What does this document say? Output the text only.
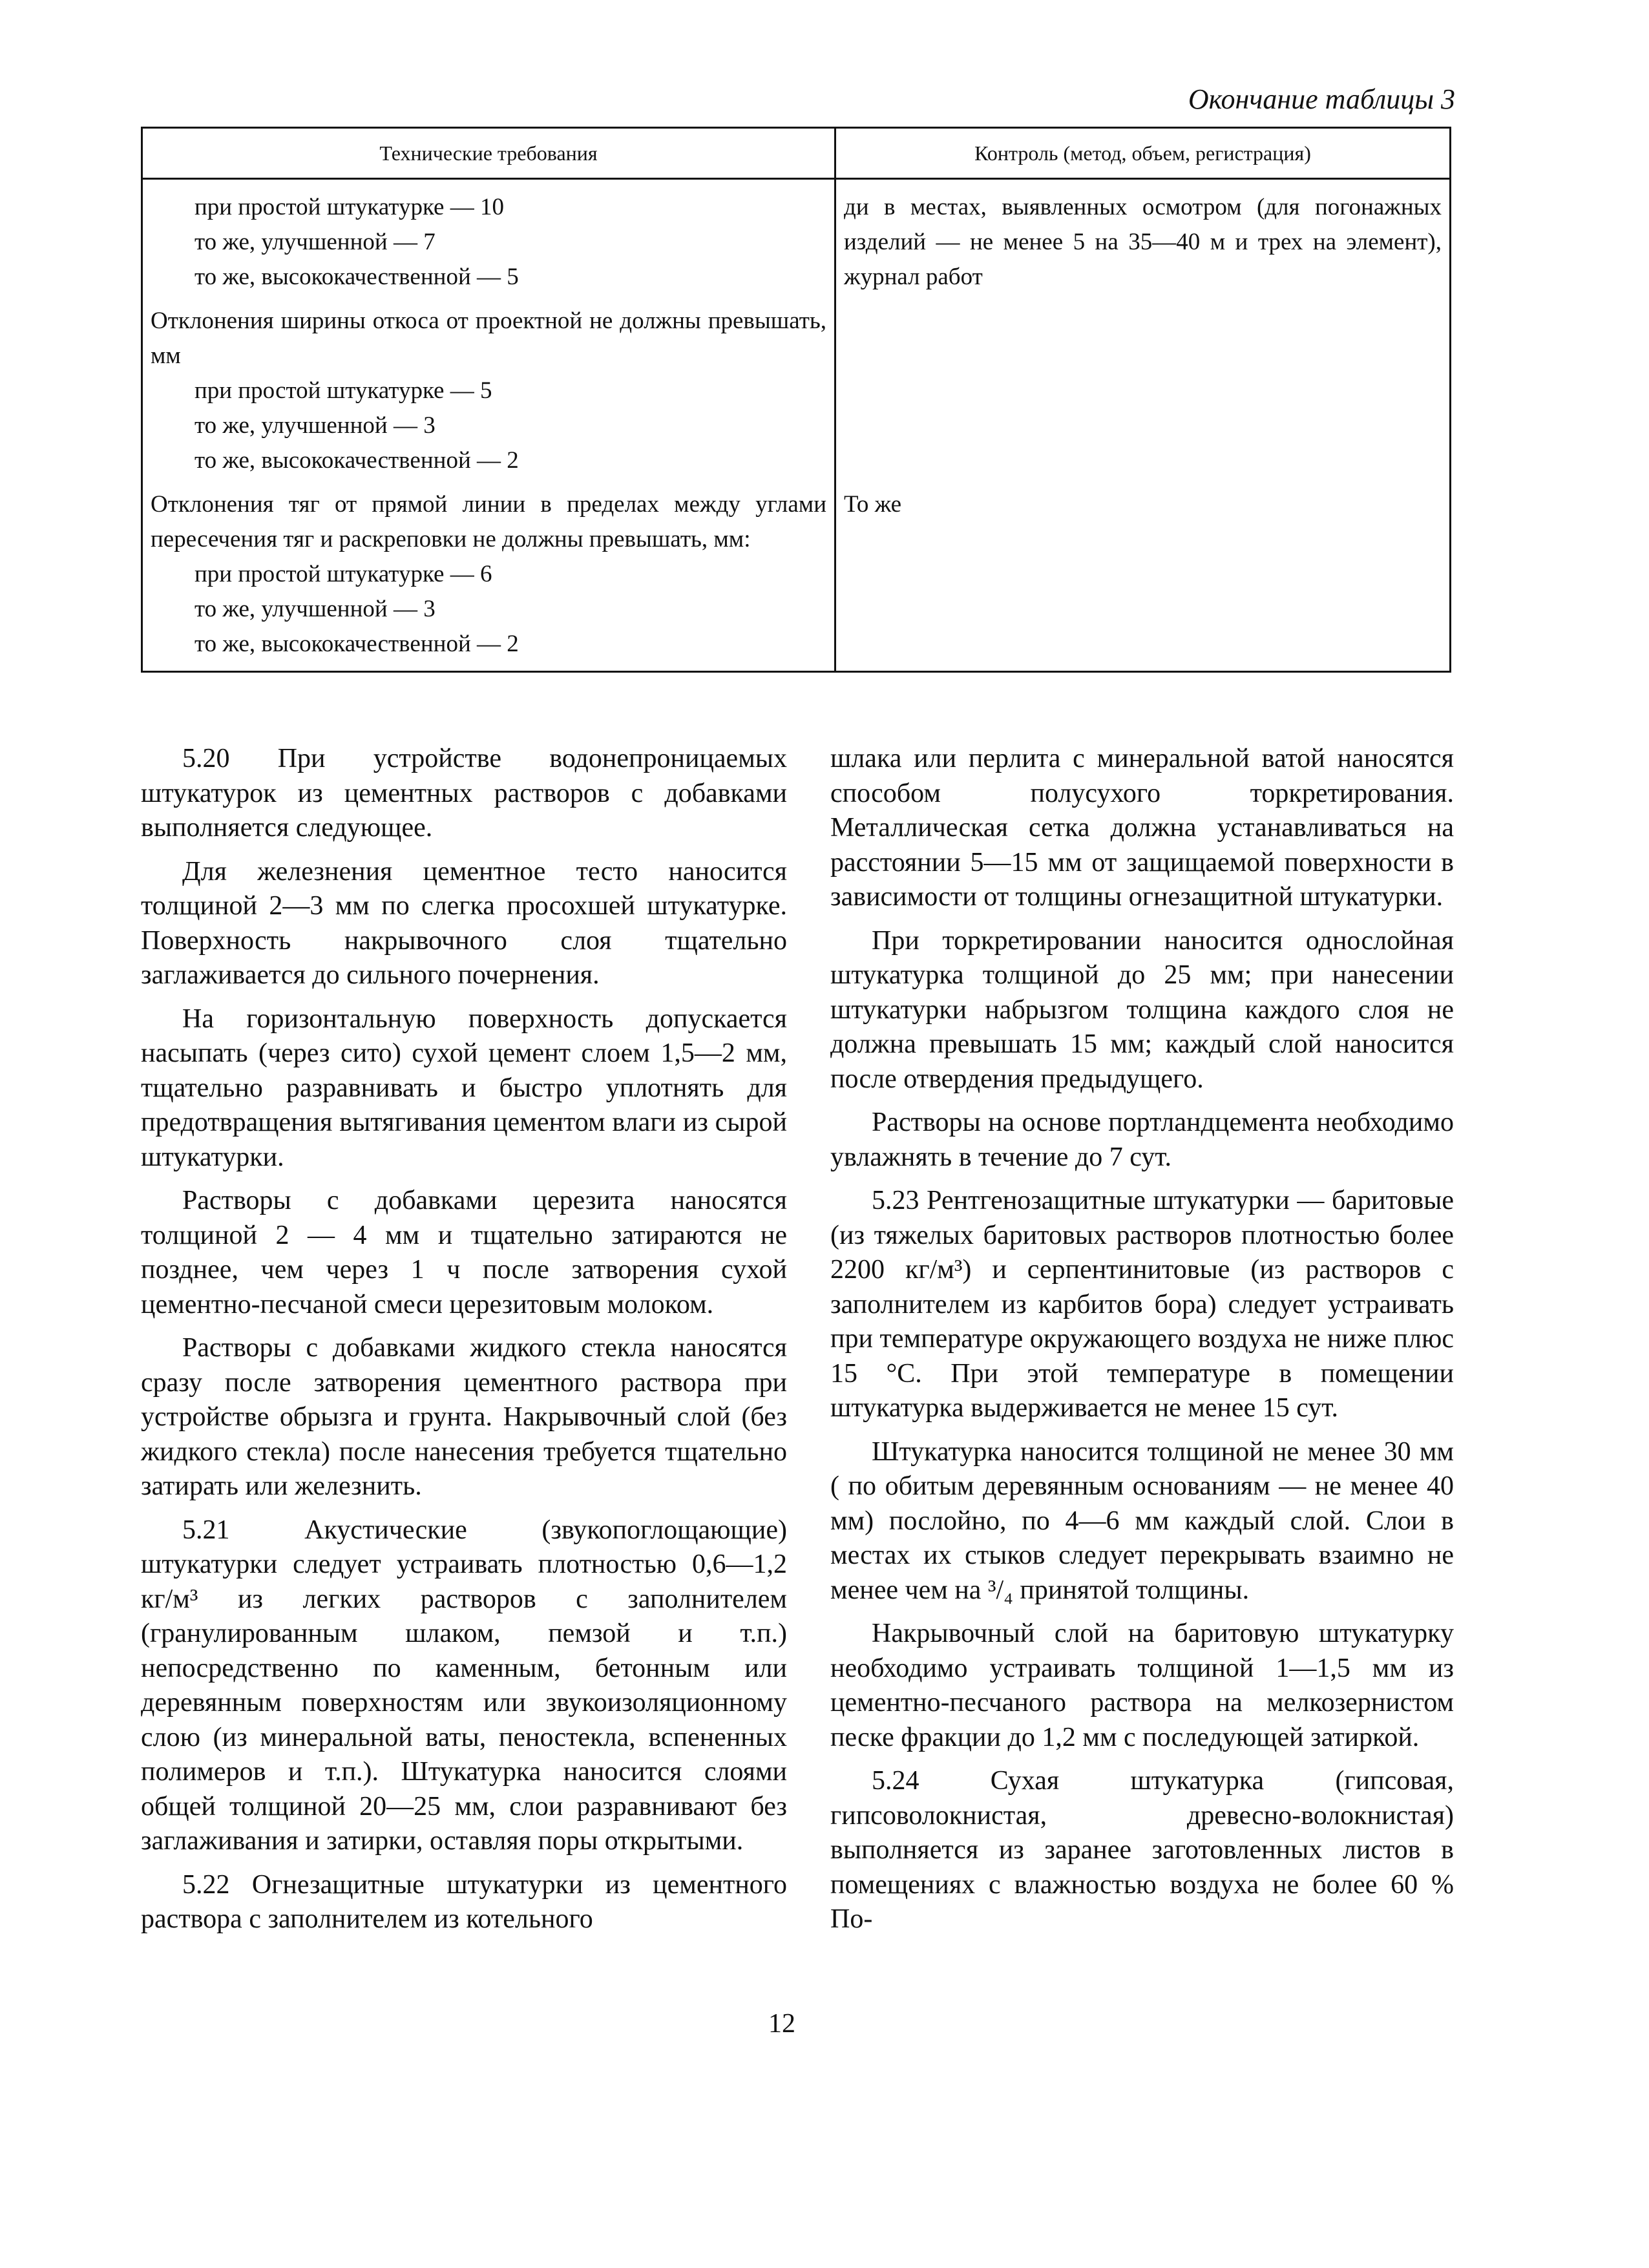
Окончание таблицы 3
Технические требования	Контроль (метод, объем, регистрация)

при простой штукатурке — 10
то же, улучшенной — 7
то же, высококачественной — 5	ди в местах, выявленных осмотром (для погонажных изделий — не менее 5 на 35—40 м и трех на элемент), журнал работ

Отклонения ширины откоса от проектной не должны превышать, мм
при простой штукатурке — 5
то же, улучшенной — 3
то же, высококачественной — 2	

Отклонения тяг от прямой линии в пределах между углами пересечения тяг и раскреповки не должны превышать, мм:
при простой штукатурке — 6
то же, улучшенной — 3
то же, высококачественной — 2	То же

5.20 При устройстве водонепроницаемых штукатурок из цементных растворов с добавками выполняется следующее.

Для железнения цементное тесто наносится толщиной 2—3 мм по слегка просохшей штукатурке. Поверхность накрывочного слоя тщательно заглаживается до сильного почернения.

На горизонтальную поверхность допускается насыпать (через сито) сухой цемент слоем 1,5—2 мм, тщательно разравнивать и быстро уплотнять для предотвращения вытягивания цементом влаги из сырой штукатурки.

Растворы с добавками церезита наносятся толщиной 2 — 4 мм и тщательно затираются не позднее, чем через 1 ч после затворения сухой цементно-песчаной смеси церезитовым молоком.

Растворы с добавками жидкого стекла наносятся сразу после затворения цементного раствора при устройстве обрызга и грунта. Накрывочный слой (без жидкого стекла) после нанесения требуется тщательно затирать или железнить.

5.21 Акустические (звукопоглощающие) штукатурки следует устраивать плотностью 0,6—1,2 кг/м³ из легких растворов с заполнителем (гранулированным шлаком, пемзой и т.п.) непосредственно по каменным, бетонным или деревянным поверхностям или звукоизоляционному слою (из минеральной ваты, пеностекла, вспененных полимеров и т.п.). Штукатурка наносится слоями общей толщиной 20—25 мм, слои разравнивают без заглаживания и затирки, оставляя поры открытыми.

5.22 Огнезащитные штукатурки из цементного раствора с заполнителем из котельного

шлака или перлита с минеральной ватой наносятся способом полусухого торкретирования. Металлическая сетка должна устанавливаться на расстоянии 5—15 мм от защищаемой поверхности в зависимости от толщины огнезащитной штукатурки.

При торкретировании наносится однослойная штукатурка толщиной до 25 мм; при нанесении штукатурки набрызгом толщина каждого слоя не должна превышать 15 мм; каждый слой наносится после отвердения предыдущего.

Растворы на основе портландцемента необходимо увлажнять в течение до 7 сут.

5.23 Рентгенозащитные штукатурки — баритовые (из тяжелых баритовых растворов плотностью более 2200 кг/м³) и серпентинитовые (из растворов с заполнителем из карбитов бора) следует устраивать при температуре окружающего воздуха не ниже плюс 15 °С. При этой температуре в помещении штукатурка выдерживается не менее 15 сут.

Штукатурка наносится толщиной не менее 30 мм ( по обитым деревянным основаниям — не менее 40 мм) послойно, по 4—6 мм каждый слой. Слои в местах их стыков следует перекрывать взаимно не менее чем на ³/₄ принятой толщины.

Накрывочный слой на баритовую штукатурку необходимо устраивать толщиной 1—1,5 мм из цементно-песчаного раствора на мелкозернистом песке фракции до 1,2 мм с последующей затиркой.

5.24 Сухая штукатурка (гипсовая, гипсоволокнистая, древесно-волокнистая) выполняется из заранее заготовленных листов в помещениях с влажностью воздуха не более 60 % По-

12
